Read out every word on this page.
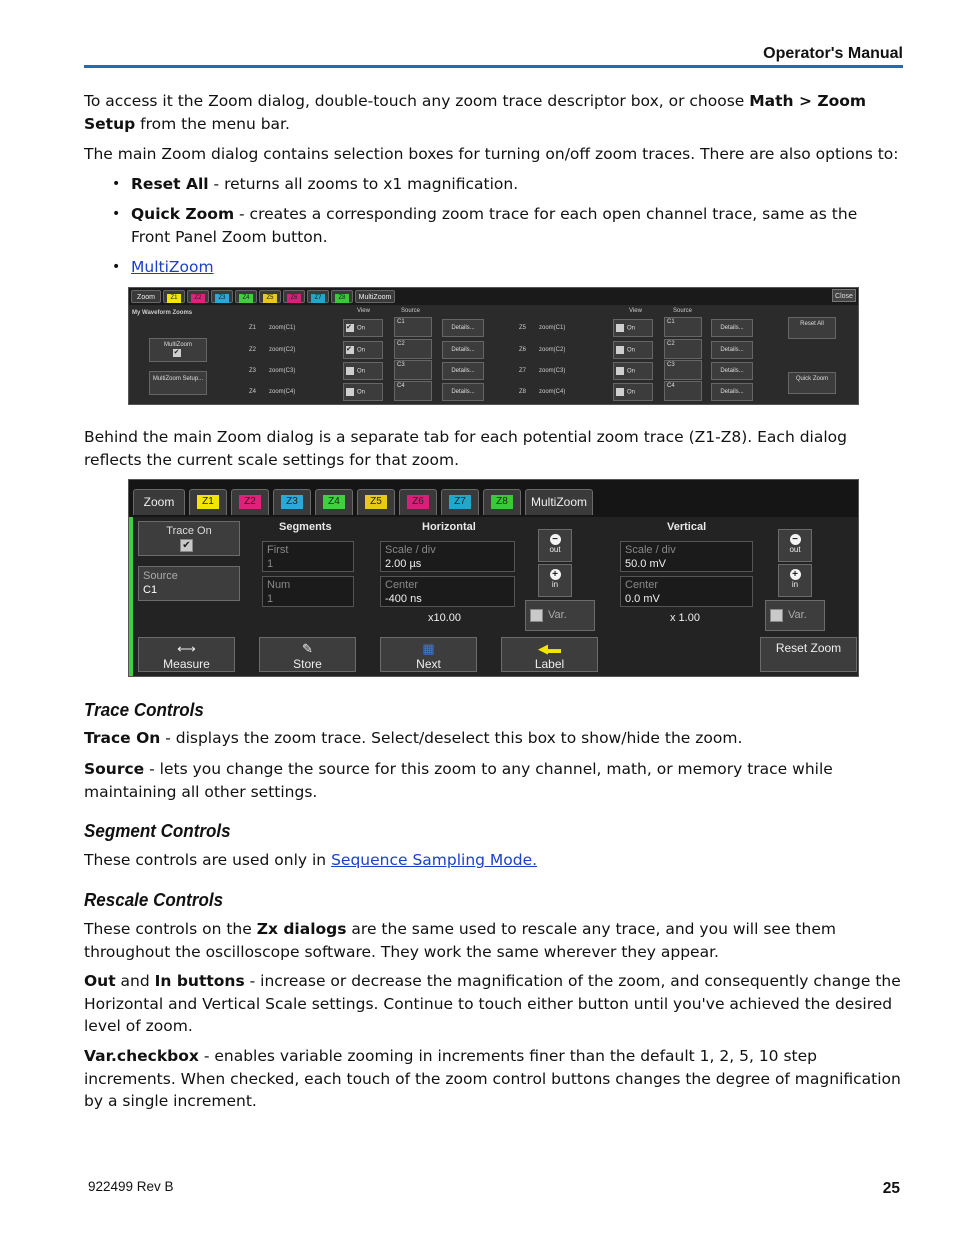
Operator's Manual
To access it the Zoom dialog, double-touch any zoom trace descriptor box, or choose Math > Zoom Setup from the menu bar.
The main Zoom dialog contains selection boxes for turning on/off zoom traces. There are also options to:
• Reset All - returns all zooms to x1 magnification.
• Quick Zoom - creates a corresponding zoom trace for each open channel trace, same as the Front Panel Zoom button.
• MultiZoom
Zoom	Z1	Z2	Z3	Z4	Z5	Z6	Z7	Z8	MultiZoom	Close
My Waveform Zooms	View	Source	View	Source
MultiZoom
✔
MultiZoom Setup...
Z1 zoom(C1)	✔ On
C1
Details...
Z2 zoom(C2)	✔ On
C2
Details...
Z3 zoom(C3)	On
C3
Details...
Z4 zoom(C4)	On
C4
Details...
Z5 zoom(C1)	On
C1
Details...
Z6 zoom(C2)	On
C2
Details...
Z7 zoom(C3)	On
C3
Details...
Z8 zoom(C4)	On
C4
Details...
Reset All
Quick Zoom
Behind the main Zoom dialog is a separate tab for each potential zoom trace (Z1-Z8). Each dialog reflects the current scale settings for that zoom.
Zoom	Z1	Z2	Z3	Z4	Z5	Z6	Z7	Z8	MultiZoom
Trace On
✔
Source
C1
Segments
First
1
Num
1
Horizontal
Scale / div
2.00 µs
Center
-400 ns
x10.00
−
out
+
in
Var.
Vertical
Scale / div
50.0 mV
Center
0.0 mV
x 1.00
−
out
+
in
Var.
⟷
Measure
✎
Store
▦
Next
◀▬
Label
Reset Zoom
Trace Controls
Trace On - displays the zoom trace. Select/deselect this box to show/hide the zoom.
Source - lets you change the source for this zoom to any channel, math, or memory trace while maintaining all other settings.
Segment Controls
These controls are used only in Sequence Sampling Mode.
Rescale Controls
These controls on the Zx dialogs are the same used to rescale any trace, and you will see them throughout the oscilloscope software. They work the same wherever they appear.
Out and In buttons - increase or decrease the magnification of the zoom, and consequently change the Horizontal and Vertical Scale settings. Continue to touch either button until you've achieved the desired level of zoom.
Var.checkbox - enables variable zooming in increments finer than the default 1, 2, 5, 10 step increments. When checked, each touch of the zoom control buttons changes the degree of magnification by a single increment.
922499 Rev B	25
